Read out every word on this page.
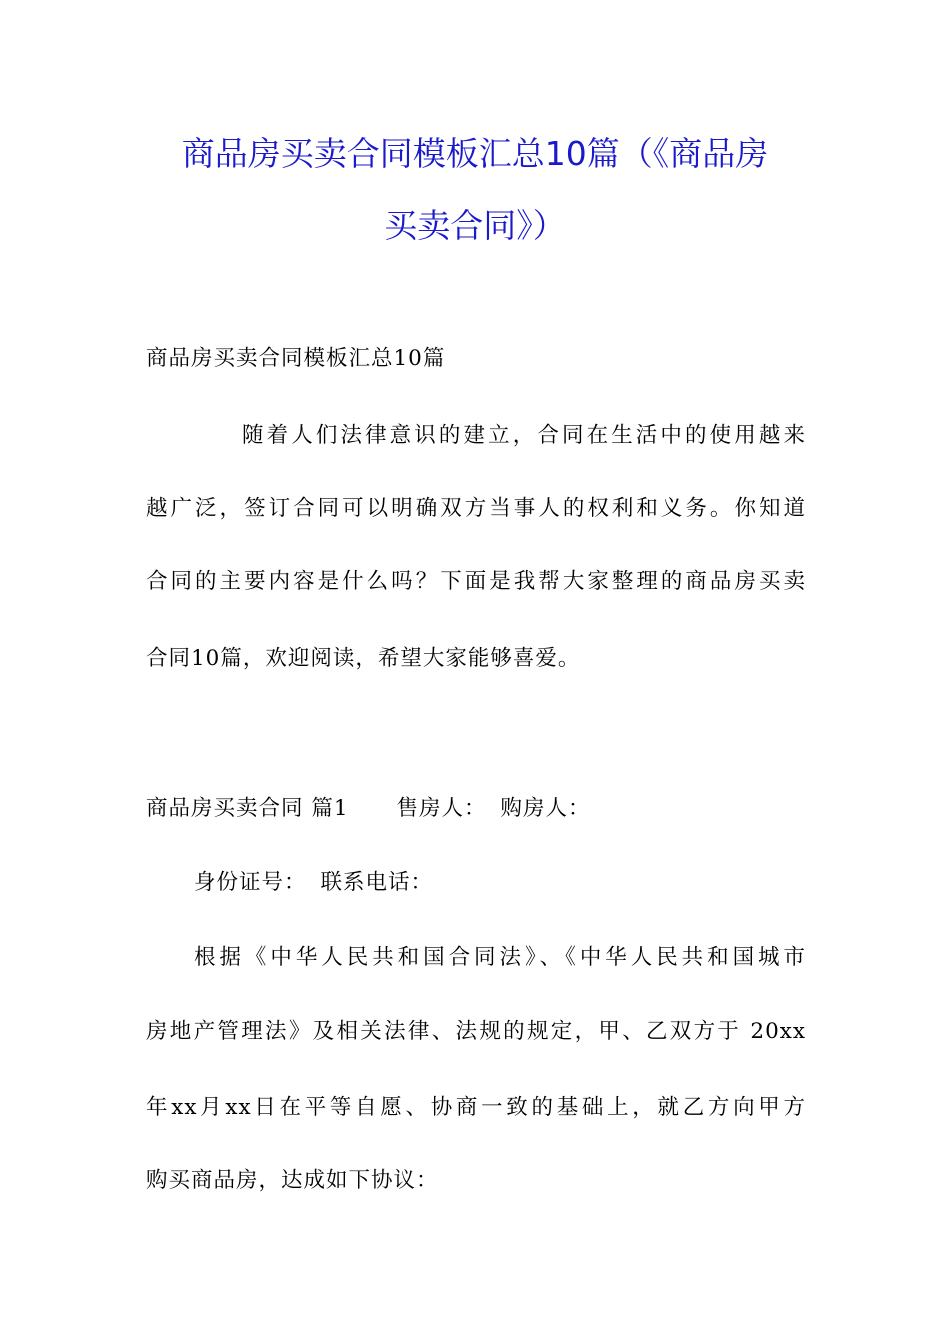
商品房买卖合同模板汇总10篇（《商品房
买卖合同》）
商品房买卖合同模板汇总10篇
随着人们法律意识的建立，合同在生活中的使用越来
越广泛，签订合同可以明确双方当事人的权利和义务。你知道
合同的主要内容是什么吗？下面是我帮大家整理的商品房买卖
合同10篇，欢迎阅读，希望大家能够喜爱。
商品房买卖合同 篇1 售房人： 购房人：
身份证号： 联系电话：
根据《中华人民共和国合同法》、《中华人民共和国城市
房地产管理法》及相关法律、法规的规定，甲、乙双方于 20xx
年xx月xx日在平等自愿、协商一致的基础上，就乙方向甲方
购买商品房，达成如下协议：
